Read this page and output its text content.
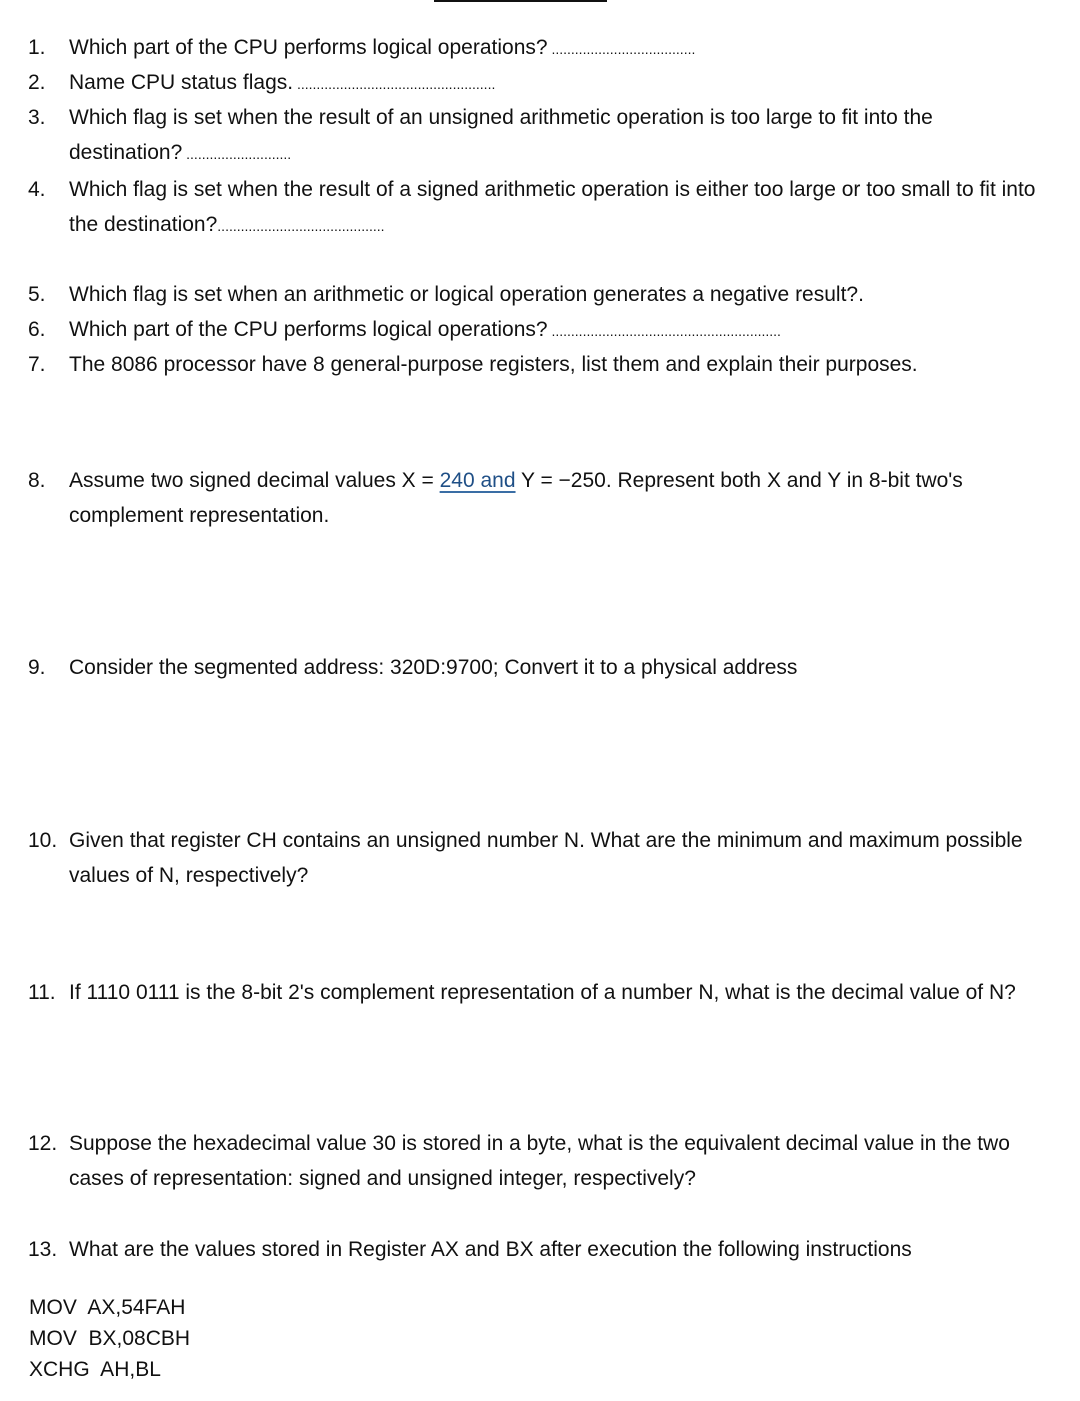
1.	Which part of the CPU performs logical operations? .....................................
2.	Name CPU status flags. ...................................................
3.	Which flag is set when the result of an unsigned arithmetic operation is too large to fit into the destination? ...........................
4.	Which flag is set when the result of a signed arithmetic operation is either too large or too small to fit into the destination?...........................................
5.	Which flag is set when an arithmetic or logical operation generates a negative result?.
6.	Which part of the CPU performs logical operations? ...........................................................
7.	The 8086 processor have 8 general-purpose registers, list them and explain their purposes.
8.	Assume two signed decimal values X = 240 and Y = −250. Represent both X and Y in 8-bit two's complement representation.
9.	Consider the segmented address: 320D:9700; Convert it to a physical address
10. Given that register CH contains an unsigned number N. What are the minimum and maximum possible values of N, respectively?
11. If 1110 0111 is the 8-bit 2's complement representation of a number N, what is the decimal value of N?
12. Suppose the hexadecimal value 30 is stored in a byte, what is the equivalent decimal value in the two cases of representation: signed and unsigned integer, respectively?
13. What are the values stored in Register AX and BX after execution the following instructions
MOV  AX,54FAH
MOV  BX,08CBH
XCHG  AH,BL
